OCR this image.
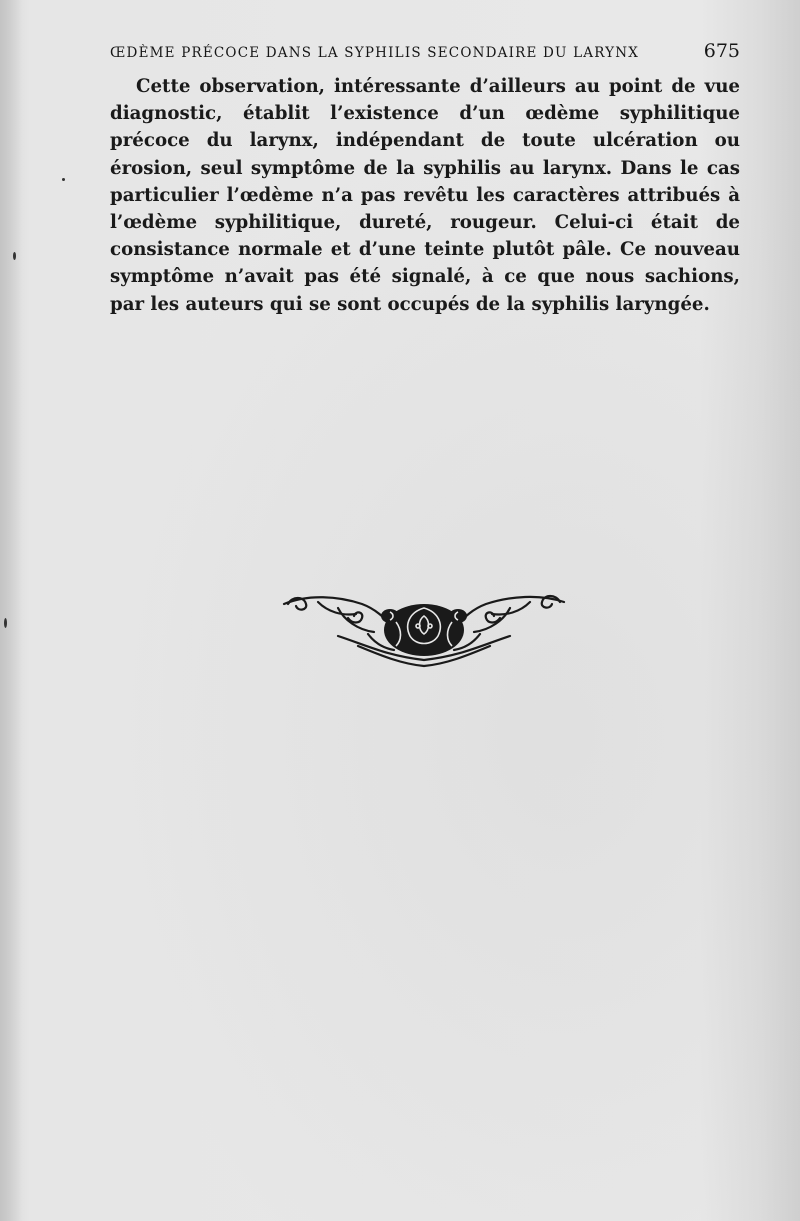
ŒDÈME PRÉCOCE DANS LA SYPHILIS SECONDAIRE DU LARYNX	675

Cette observation, intéressante d’ailleurs au point de vue diagnostic, établit l’existence d’un œdème syphilitique précoce du larynx, indépendant de toute ulcération ou érosion, seul symptôme de la syphilis au larynx. Dans le cas particulier l’œdème n’a pas revêtu les caractères attribués à l’œdème syphilitique, dureté, rougeur. Celui-ci était de consistance normale et d’une teinte plutôt pâle. Ce nouveau symptôme n’avait pas été signalé, à ce que nous sachions, par les auteurs qui se sont occupés de la syphilis laryngée.
